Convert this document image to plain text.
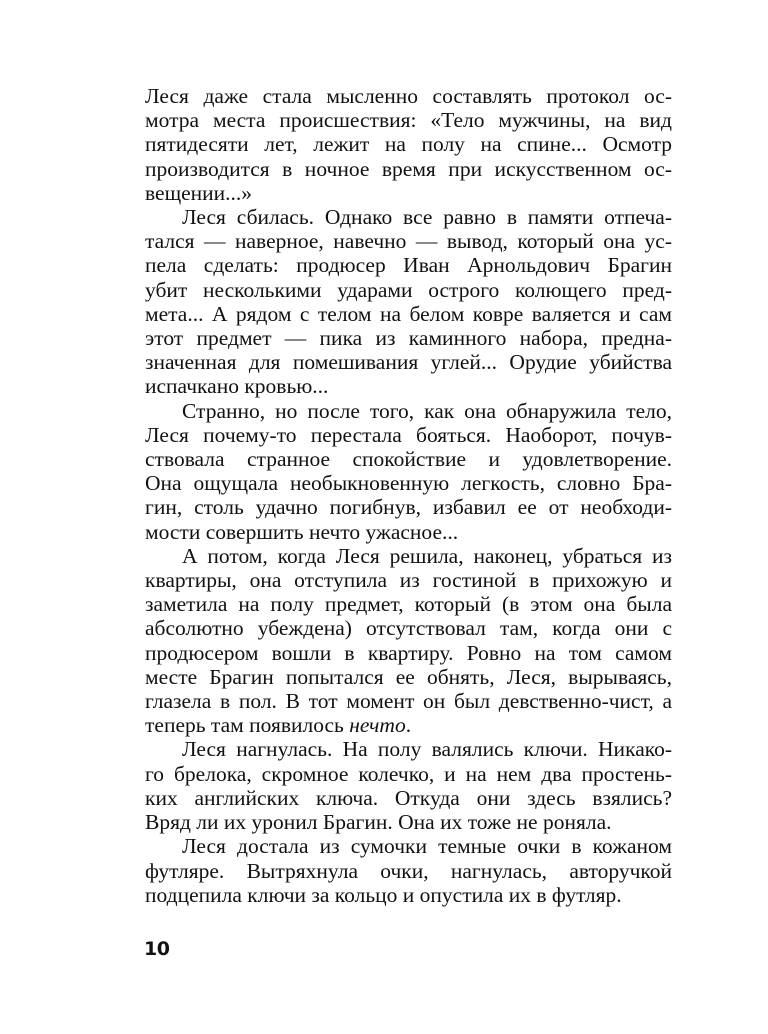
Леся даже стала мысленно составлять протокол ос-
мотра места происшествия: «Тело мужчины, на вид
пятидесяти лет, лежит на полу на спине... Осмотр
производится в ночное время при искусственном ос-
вещении...»
Леся сбилась. Однако все равно в памяти отпеча-
тался — наверное, навечно — вывод, который она ус-
пела сделать: продюсер Иван Арнольдович Брагин
убит несколькими ударами острого колющего пред-
мета... А рядом с телом на белом ковре валяется и сам
этот предмет — пика из каминного набора, предна-
значенная для помешивания углей... Орудие убийства
испачкано кровью...
Странно, но после того, как она обнаружила тело,
Леся почему-то перестала бояться. Наоборот, почув-
ствовала странное спокойствие и удовлетворение.
Она ощущала необыкновенную легкость, словно Бра-
гин, столь удачно погибнув, избавил ее от необходи-
мости совершить нечто ужасное...
А потом, когда Леся решила, наконец, убраться из
квартиры, она отступила из гостиной в прихожую и
заметила на полу предмет, который (в этом она была
абсолютно убеждена) отсутствовал там, когда они с
продюсером вошли в квартиру. Ровно на том самом
месте Брагин попытался ее обнять, Леся, вырываясь,
глазела в пол. В тот момент он был девственно-чист, а
теперь там появилось нечто.
Леся нагнулась. На полу валялись ключи. Никако-
го брелока, скромное колечко, и на нем два простень-
ких английских ключа. Откуда они здесь взялись?
Вряд ли их уронил Брагин. Она их тоже не роняла.
Леся достала из сумочки темные очки в кожаном
футляре. Вытряхнула очки, нагнулась, авторучкой
подцепила ключи за кольцо и опустила их в футляр.
10
